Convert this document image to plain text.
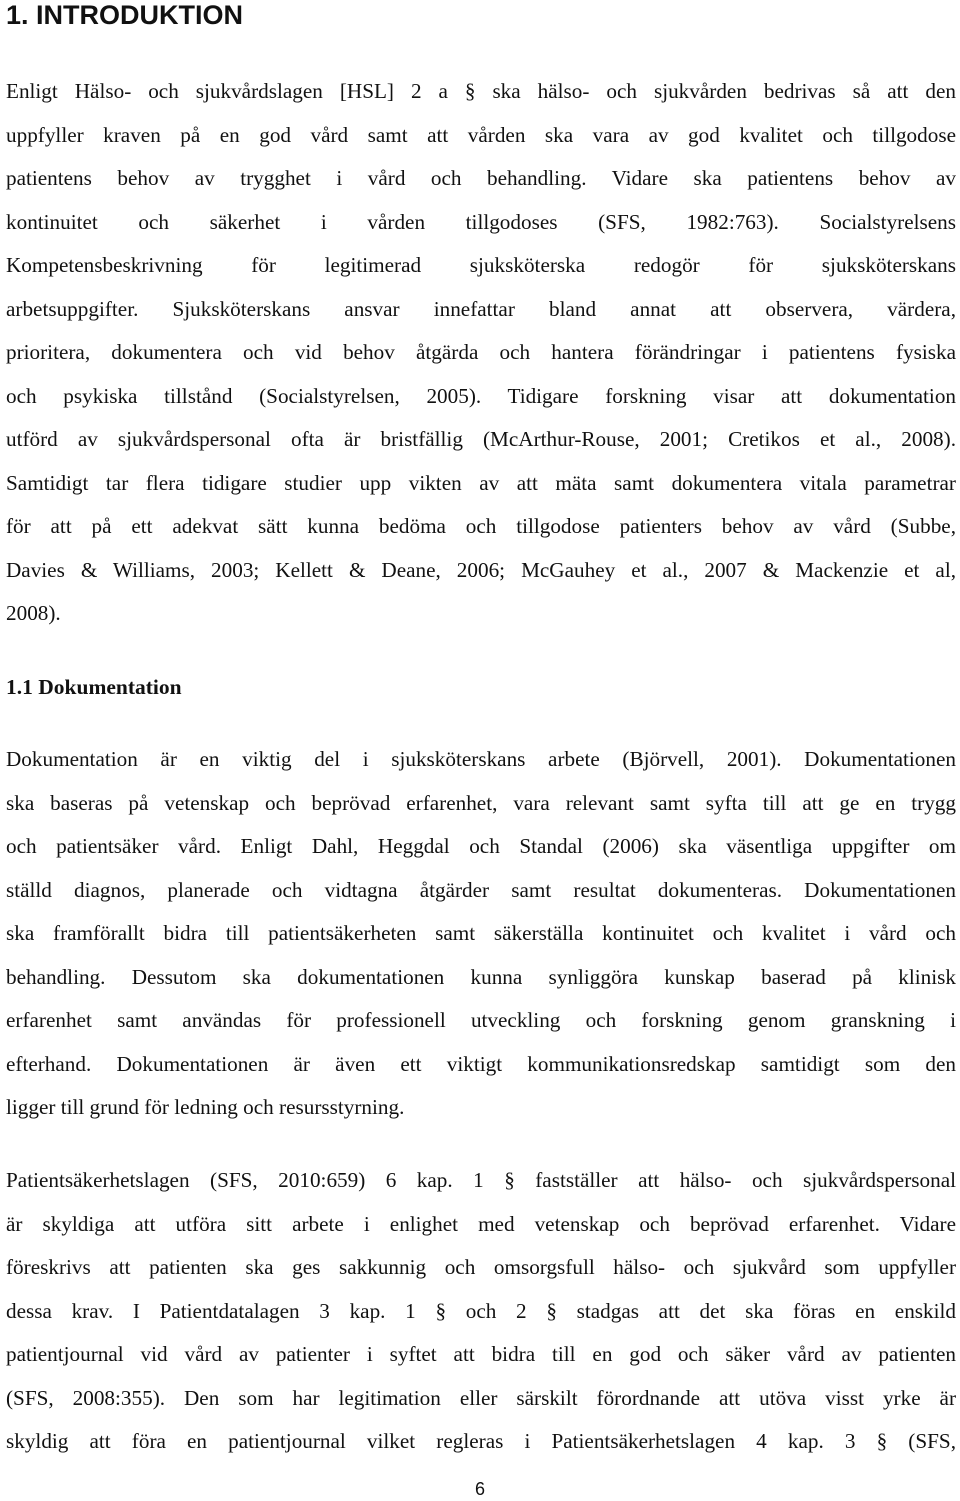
1. INTRODUKTION
Enligt Hälso- och sjukvårdslagen [HSL] 2 a § ska hälso- och sjukvården bedrivas så att den
uppfyller kraven på en god vård samt att vården ska vara av god kvalitet och tillgodose
patientens behov av trygghet i vård och behandling. Vidare ska patientens behov av
kontinuitet och säkerhet i vården tillgodoses (SFS, 1982:763). Socialstyrelsens
Kompetensbeskrivning för legitimerad sjuksköterska redogör för sjuksköterskans
arbetsuppgifter. Sjuksköterskans ansvar innefattar bland annat att observera, värdera,
prioritera, dokumentera och vid behov åtgärda och hantera förändringar i patientens fysiska
och psykiska tillstånd (Socialstyrelsen, 2005). Tidigare forskning visar att dokumentation
utförd av sjukvårdspersonal ofta är bristfällig (McArthur-Rouse, 2001; Cretikos et al., 2008).
Samtidigt tar flera tidigare studier upp vikten av att mäta samt dokumentera vitala parametrar
för att på ett adekvat sätt kunna bedöma och tillgodose patienters behov av vård (Subbe,
Davies & Williams, 2003; Kellett & Deane, 2006; McGauhey et al., 2007 & Mackenzie et al,
2008).
1.1 Dokumentation
Dokumentation är en viktig del i sjuksköterskans arbete (Björvell, 2001). Dokumentationen
ska baseras på vetenskap och beprövad erfarenhet, vara relevant samt syfta till att ge en trygg
och patientsäker vård. Enligt Dahl, Heggdal och Standal (2006) ska väsentliga uppgifter om
ställd diagnos, planerade och vidtagna åtgärder samt resultat dokumenteras. Dokumentationen
ska framförallt bidra till patientsäkerheten samt säkerställa kontinuitet och kvalitet i vård och
behandling. Dessutom ska dokumentationen kunna synliggöra kunskap baserad på klinisk
erfarenhet samt användas för professionell utveckling och forskning genom granskning i
efterhand. Dokumentationen är även ett viktigt kommunikationsredskap samtidigt som den
ligger till grund för ledning och resursstyrning.
Patientsäkerhetslagen (SFS, 2010:659) 6 kap. 1 § fastställer att hälso- och sjukvårdspersonal
är skyldiga att utföra sitt arbete i enlighet med vetenskap och beprövad erfarenhet. Vidare
föreskrivs att patienten ska ges sakkunnig och omsorgsfull hälso- och sjukvård som uppfyller
dessa krav. I Patientdatalagen 3 kap. 1 § och 2 § stadgas att det ska föras en enskild
patientjournal vid vård av patienter i syftet att bidra till en god och säker vård av patienten
(SFS, 2008:355). Den som har legitimation eller särskilt förordnande att utöva visst yrke är
skyldig att föra en patientjournal vilket regleras i Patientsäkerhetslagen 4 kap. 3 § (SFS,
6
